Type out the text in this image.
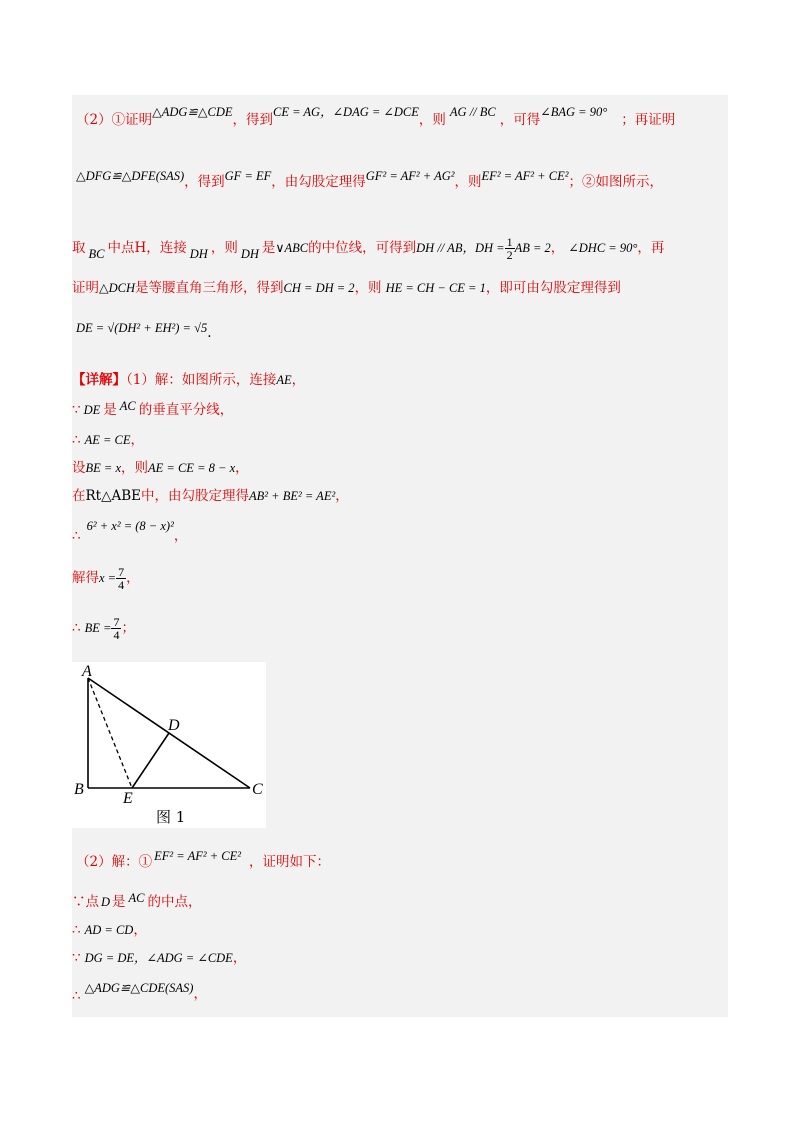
（2）①证明△ADG≌△CDE，得到CE = AG，∠DAG = ∠DCE，则 AG // BC ，可得∠BAG = 90° ；再证明
△DFG≌△DFE(SAS)，得到GF = EF，由勾股定理得GF² = AF² + AG²，则EF² = AF² + CE²；②如图所示，
取 BC 中点H，连接 DH ，则 DH 是∨ABC的中位线，可得到DH // AB，DH = $\frac{1}{2}$ AB = 2， ∠DHC = 90°，再
证明△DCH是等腰直角三角形，得到CH = DH = 2，则 HE = CH − CE = 1，即可由勾股定理得到
DE = √(DH² + EH²) = √5.
【详解】（1）解：如图所示，连接AE，
∵ DE 是 AC 的垂直平分线，
∴ AE = CE，
设BE = x，则AE = CE = 8 − x，
在Rt△ABE中，由勾股定理得AB² + BE² = AE²，
∴6² + x² = (8 − x)²，
解得$x = \frac{7}{4}$ ，
∴ BE = $\frac{7}{4}$ ；
A
B	C
D
E
图 1
（2）解：① EF² = AF² + CE² ，证明如下：
∵点 D 是 AC 的中点，
∴ AD = CD，
∵ DG = DE，∠ADG = ∠CDE，
∴ △ADG≌△CDE(SAS)，
